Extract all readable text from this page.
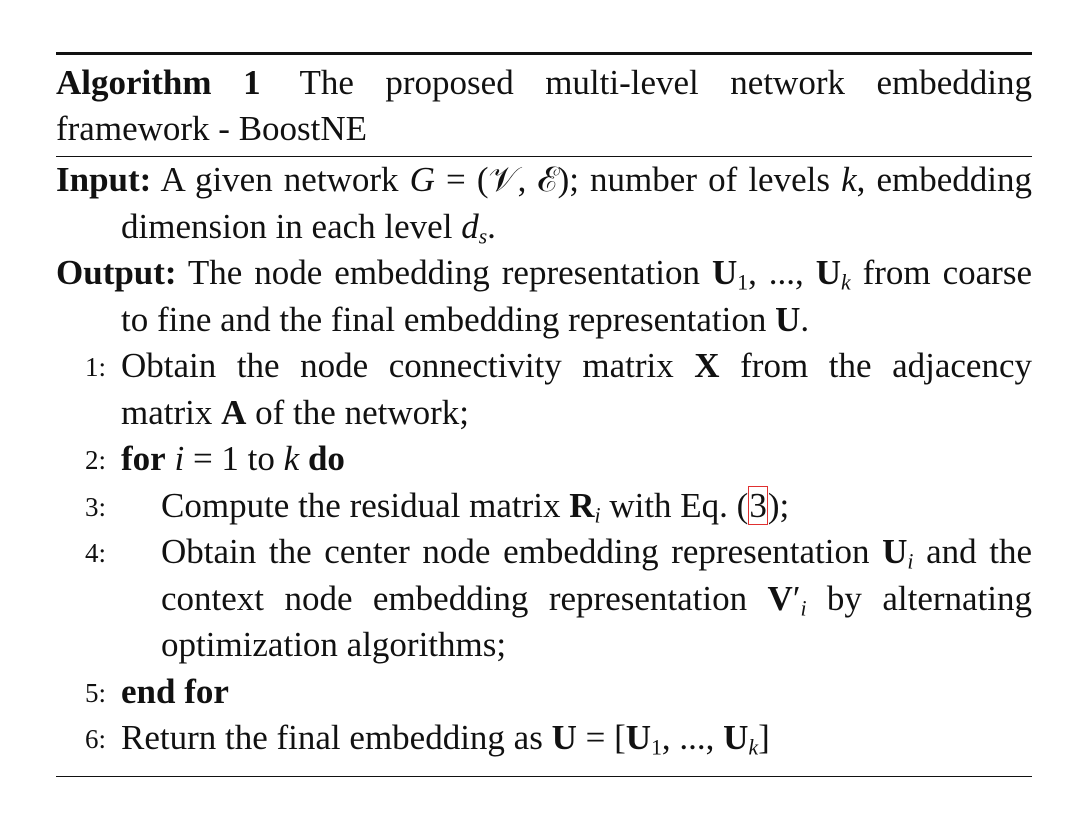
Algorithm 1 The proposed multi-level network embedding framework - BoostNE
Input: A given network G = (𝒱, ℰ); number of levels k, embedding dimension in each level $d_s$.
Output: The node embedding representation $U_1$, ..., $U_k$ from coarse to fine and the final embedding representation U.
1: Obtain the node connectivity matrix X from the adjacency matrix A of the network;
2: for i = 1 to k do
3: Compute the residual matrix $R_i$ with Eq. (3);
4: Obtain the center node embedding representation $U_i$ and the context node embedding representation $V'_i$ by alternating optimization algorithms;
5: end for
6: Return the final embedding as $U = [U_1$, ..., $U_k$]
